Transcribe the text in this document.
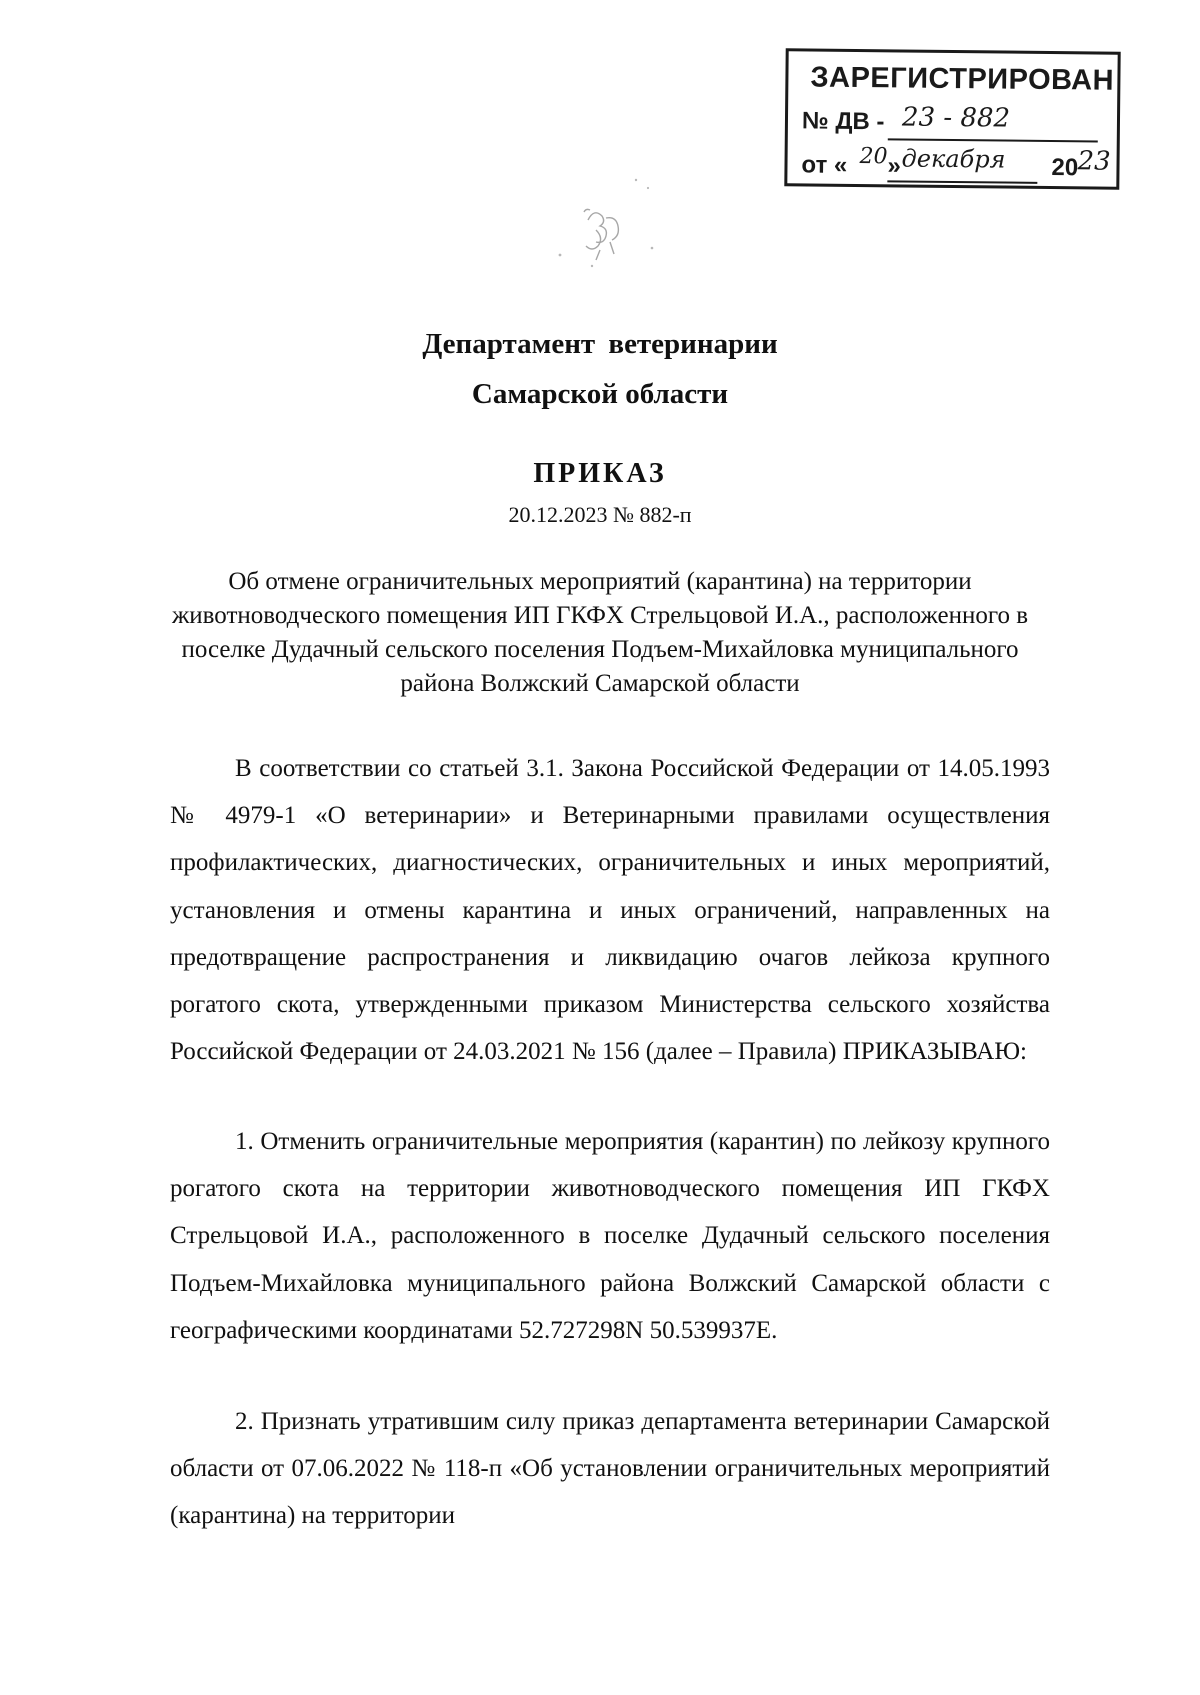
ЗАРЕГИСТРИРОВАН
№ ДВ - 23 - 882
от « 20 » декабря 20 23
Департамент ветеринарии
Самарской области
ПРИКАЗ
20.12.2023 № 882-п
Об отмене ограничительных мероприятий (карантина) на территории животноводческого помещения ИП ГКФХ Стрельцовой И.А., расположенного в поселке Дудачный сельского поселения Подъем-Михайловка муниципального района Волжский Самарской области
В соответствии со статьей 3.1. Закона Российской Федерации от 14.05.1993 № 4979-1 «О ветеринарии» и Ветеринарными правилами осуществления профилактических, диагностических, ограничительных и иных мероприятий, установления и отмены карантина и иных ограничений, направленных на предотвращение распространения и ликвидацию очагов лейкоза крупного рогатого скота, утвержденными приказом Министерства сельского хозяйства Российской Федерации от 24.03.2021 № 156 (далее – Правила) ПРИКАЗЫВАЮ:
1. Отменить ограничительные мероприятия (карантин) по лейкозу крупного рогатого скота на территории животноводческого помещения ИП ГКФХ Стрельцовой И.А., расположенного в поселке Дудачный сельского поселения Подъем-Михайловка муниципального района Волжский Самарской области с географическими координатами 52.727298N 50.539937E.
2. Признать утратившим силу приказ департамента ветеринарии Самарской области от 07.06.2022 № 118-п «Об установлении ограничительных мероприятий (карантина) на территории
